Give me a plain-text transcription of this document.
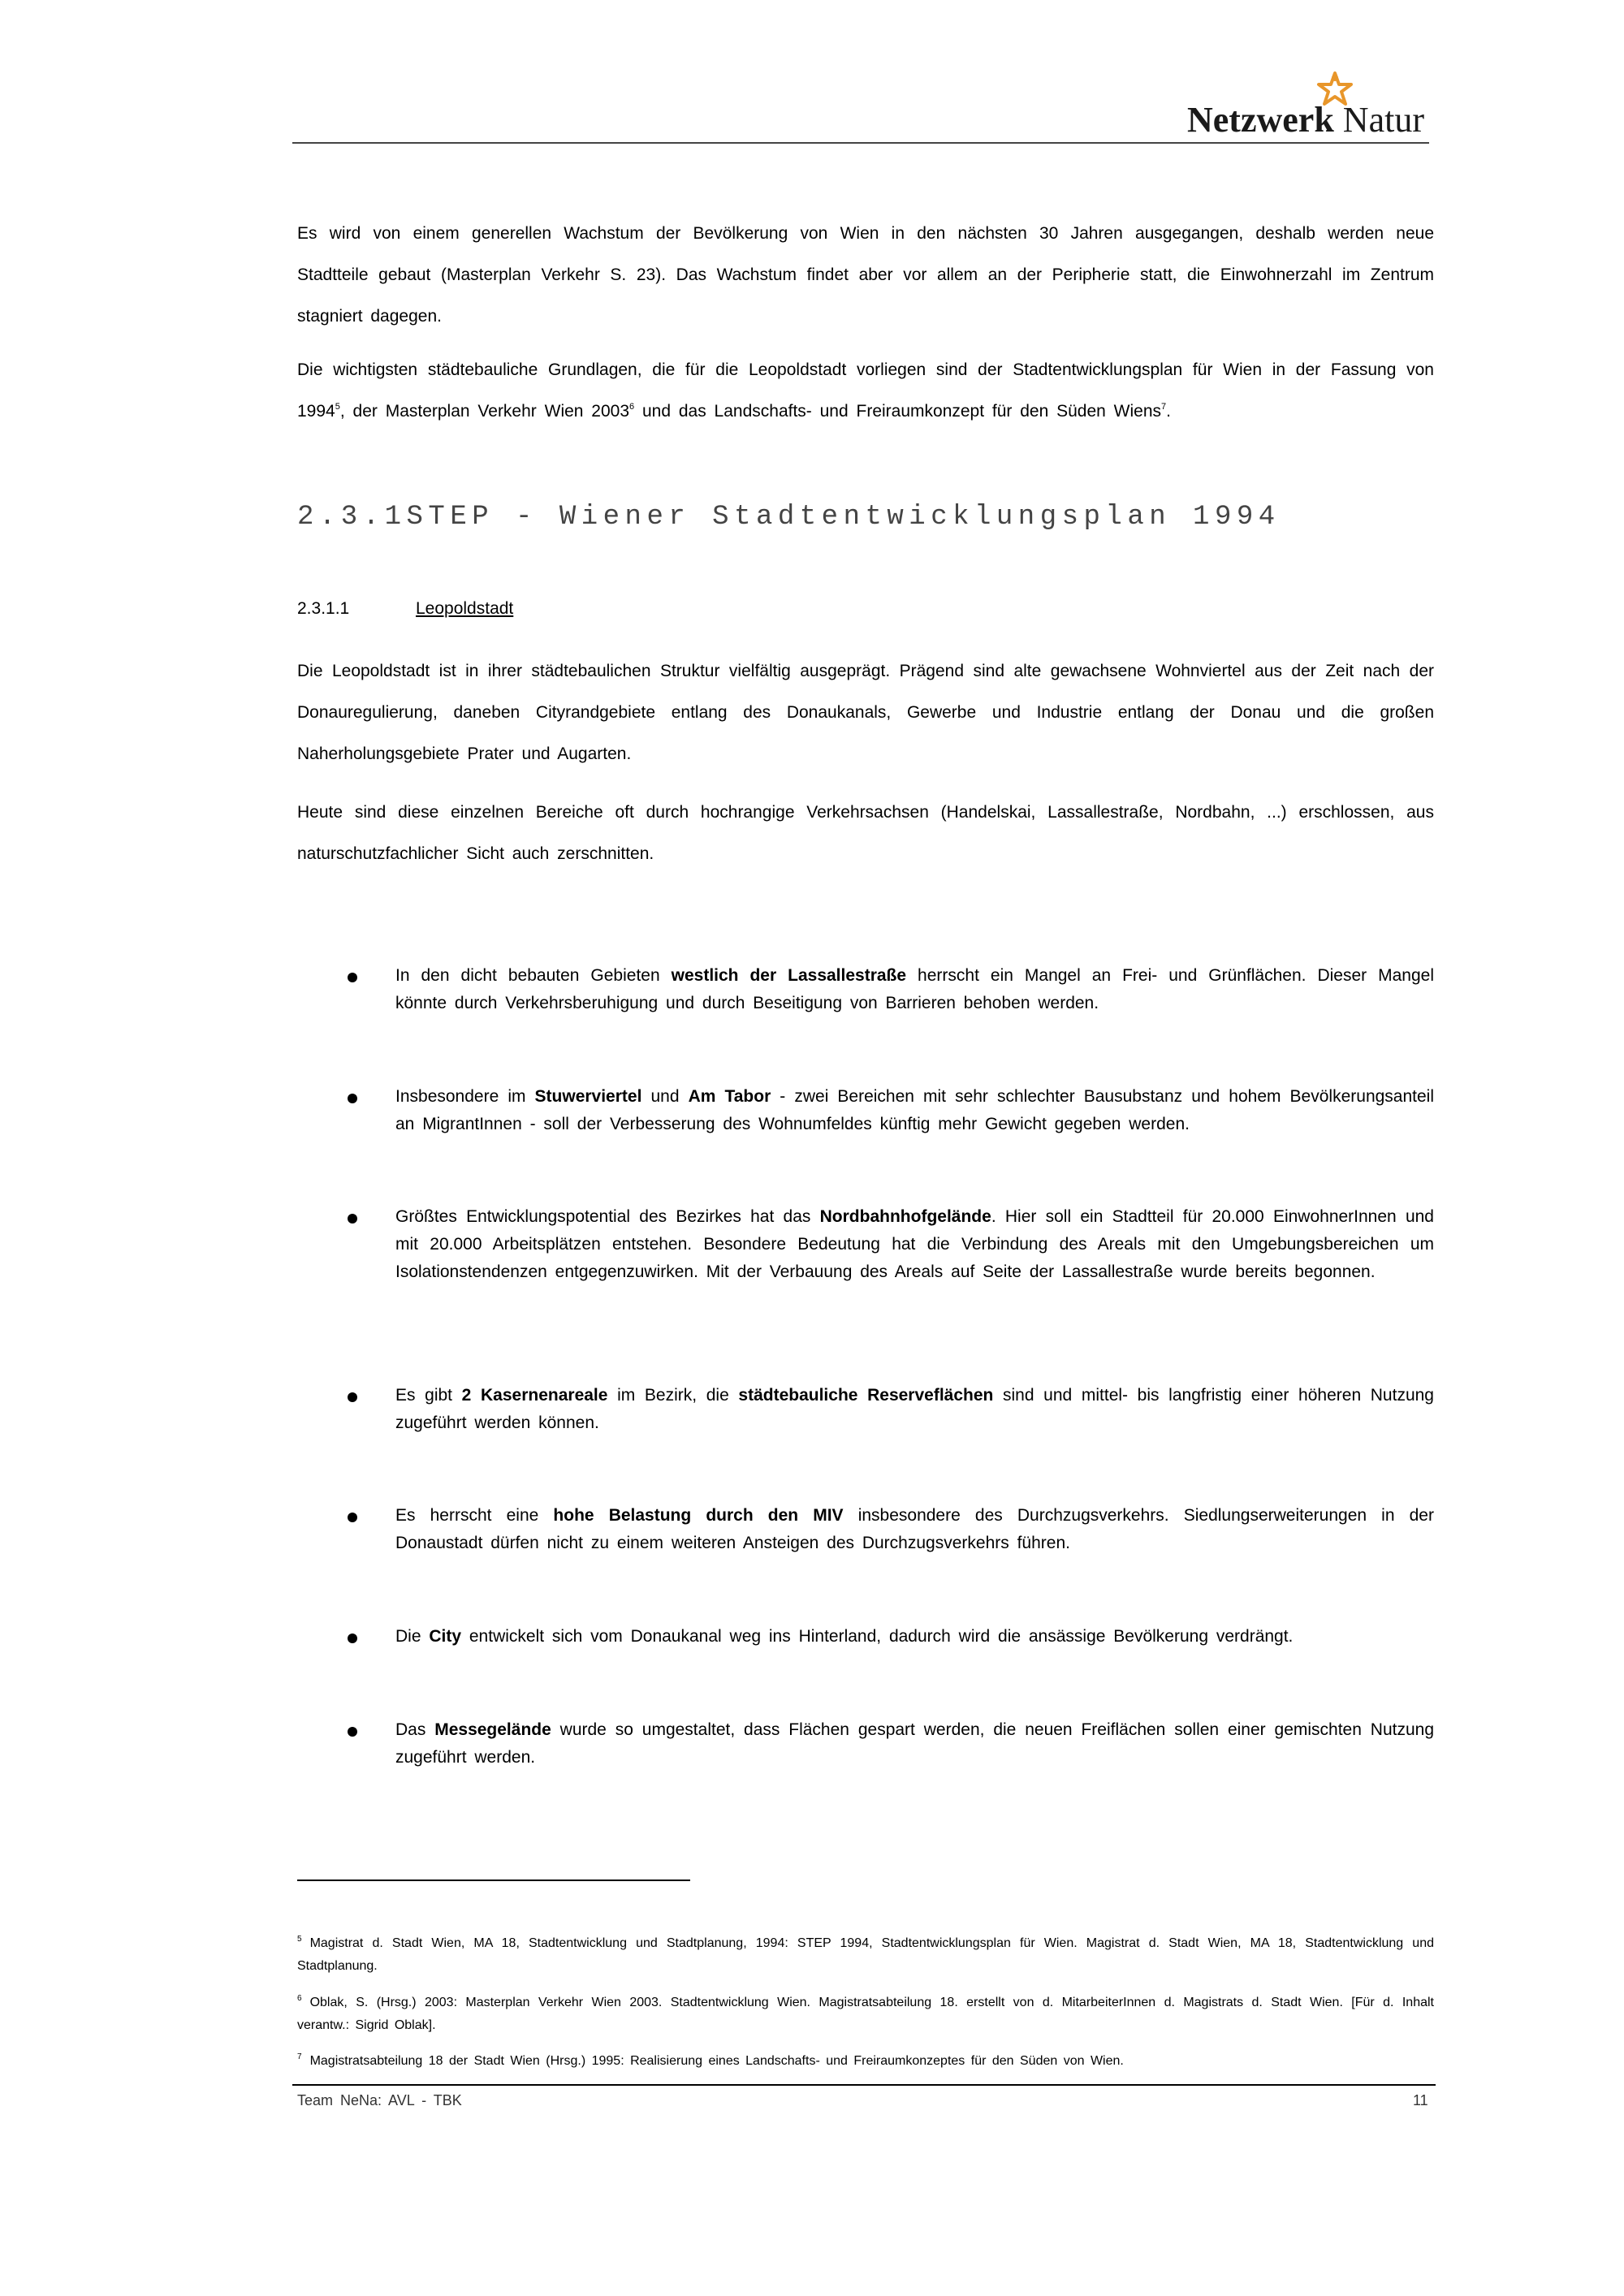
Netzwerk Natur
Es wird von einem generellen Wachstum der Bevölkerung von Wien in den nächsten 30 Jahren ausgegangen, deshalb werden neue Stadtteile gebaut (Masterplan Verkehr S. 23). Das Wachstum findet aber vor allem an der Peripherie statt, die Einwohnerzahl im Zentrum stagniert dagegen.
Die wichtigsten städtebauliche Grundlagen, die für die Leopoldstadt vorliegen sind der Stadtentwicklungsplan für Wien in der Fassung von 1994$^5$, der Masterplan Verkehr Wien 2003$^6$ und das Landschafts- und Freiraumkonzept für den Süden Wiens$^7$.
2.3.1STEP - Wiener Stadtentwicklungsplan 1994
2.3.1.1	Leopoldstadt
Die Leopoldstadt ist in ihrer städtebaulichen Struktur vielfältig ausgeprägt. Prägend sind alte gewachsene Wohnviertel aus der Zeit nach der Donauregulierung, daneben Cityrandgebiete entlang des Donaukanals, Gewerbe und Industrie entlang der Donau und die großen Naherholungsgebiete Prater und Augarten.
Heute sind diese einzelnen Bereiche oft durch hochrangige Verkehrsachsen (Handelskai, Lassallestraße, Nordbahn, ...) erschlossen, aus naturschutzfachlicher Sicht auch zerschnitten.
In den dicht bebauten Gebieten westlich der Lassallestraße herrscht ein Mangel an Frei- und Grünflächen. Dieser Mangel könnte durch Verkehrsberuhigung und durch Beseitigung von Barrieren behoben werden.
Insbesondere im Stuwerviertel und Am Tabor - zwei Bereichen mit sehr schlechter Bausubstanz und hohem Bevölkerungsanteil an MigrantInnen - soll der Verbesserung des Wohnumfeldes künftig mehr Gewicht gegeben werden.
Größtes Entwicklungspotential des Bezirkes hat das Nordbahnhofgelände. Hier soll ein Stadtteil für 20.000 EinwohnerInnen und mit 20.000 Arbeitsplätzen entstehen. Besondere Bedeutung hat die Verbindung des Areals mit den Umgebungsbereichen um Isolationstendenzen entgegenzuwirken. Mit der Verbauung des Areals auf Seite der Lassallestraße wurde bereits begonnen.
Es gibt 2 Kasernenareale im Bezirk, die städtebauliche Reserveflächen sind und mittel- bis langfristig einer höheren Nutzung zugeführt werden können.
Es herrscht eine hohe Belastung durch den MIV insbesondere des Durchzugsverkehrs. Siedlungserweiterungen in der Donaustadt dürfen nicht zu einem weiteren Ansteigen des Durchzugsverkehrs führen.
Die City entwickelt sich vom Donaukanal weg ins Hinterland, dadurch wird die ansässige Bevölkerung verdrängt.
Das Messegelände wurde so umgestaltet, dass Flächen gespart werden, die neuen Freiflächen sollen einer gemischten Nutzung zugeführt werden.
$^5$ Magistrat d. Stadt Wien, MA 18, Stadtentwicklung und Stadtplanung, 1994: STEP 1994, Stadtentwicklungsplan für Wien. Magistrat d. Stadt Wien, MA 18, Stadtentwicklung und Stadtplanung.
$^6$ Oblak, S. (Hrsg.) 2003: Masterplan Verkehr Wien 2003. Stadtentwicklung Wien. Magistratsabteilung 18. erstellt von d. MitarbeiterInnen d. Magistrats d. Stadt Wien. [Für d. Inhalt verantw.: Sigrid Oblak].
$^7$ Magistratsabteilung 18 der Stadt Wien (Hrsg.) 1995: Realisierung eines Landschafts- und Freiraumkonzeptes für den Süden von Wien.
Team NeNa: AVL - TBK	11
